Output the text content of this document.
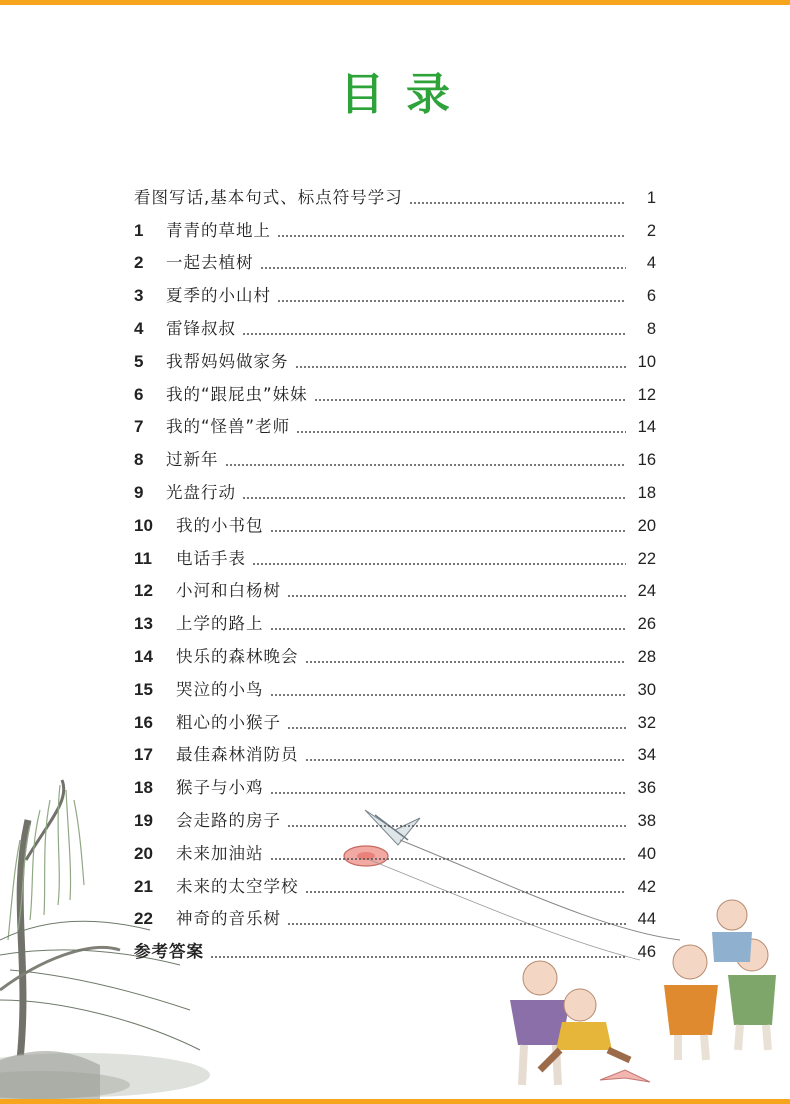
目录
看图写话,基本句式、标点符号学习	1
1	青青的草地上	2
2	一起去植树	4
3	夏季的小山村	6
4	雷锋叔叔	8
5	我帮妈妈做家务	10
6	我的“跟屁虫”妹妹	12
7	我的“怪兽”老师	14
8	过新年	16
9	光盘行动	18
10	我的小书包	20
11	电话手表	22
12	小河和白杨树	24
13	上学的路上	26
14	快乐的森林晚会	28
15	哭泣的小鸟	30
16	粗心的小猴子	32
17	最佳森林消防员	34
18	猴子与小鸡	36
19	会走路的房子	38
20	未来加油站	40
21	未来的太空学校	42
22	神奇的音乐树	44
参考答案	46
